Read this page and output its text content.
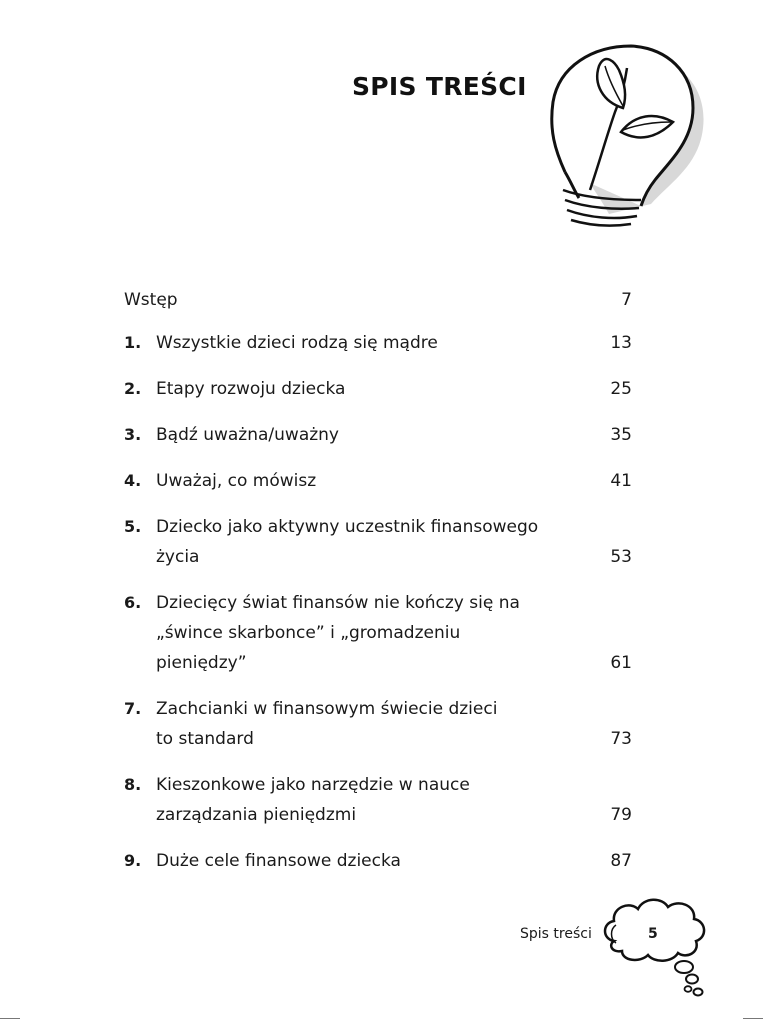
SPIS TREŚCI
Wstęp	7
1. Wszystkie dzieci rodzą się mądre	13
2. Etapy rozwoju dziecka	25
3. Bądź uważna/uważny	35
4. Uważaj, co mówisz	41
5. Dziecko jako aktywny uczestnik finansowego
życia	53
6. Dziecięcy świat finansów nie kończy się na
„śwince skarbonce” i „gromadzeniu
pieniędzy”	61
7. Zachcianki w finansowym świecie dzieci
to standard	73
8. Kieszonkowe jako narzędzie w nauce
zarządzania pieniędzmi	79
9. Duże cele finansowe dziecka	87
Spis treści	5
